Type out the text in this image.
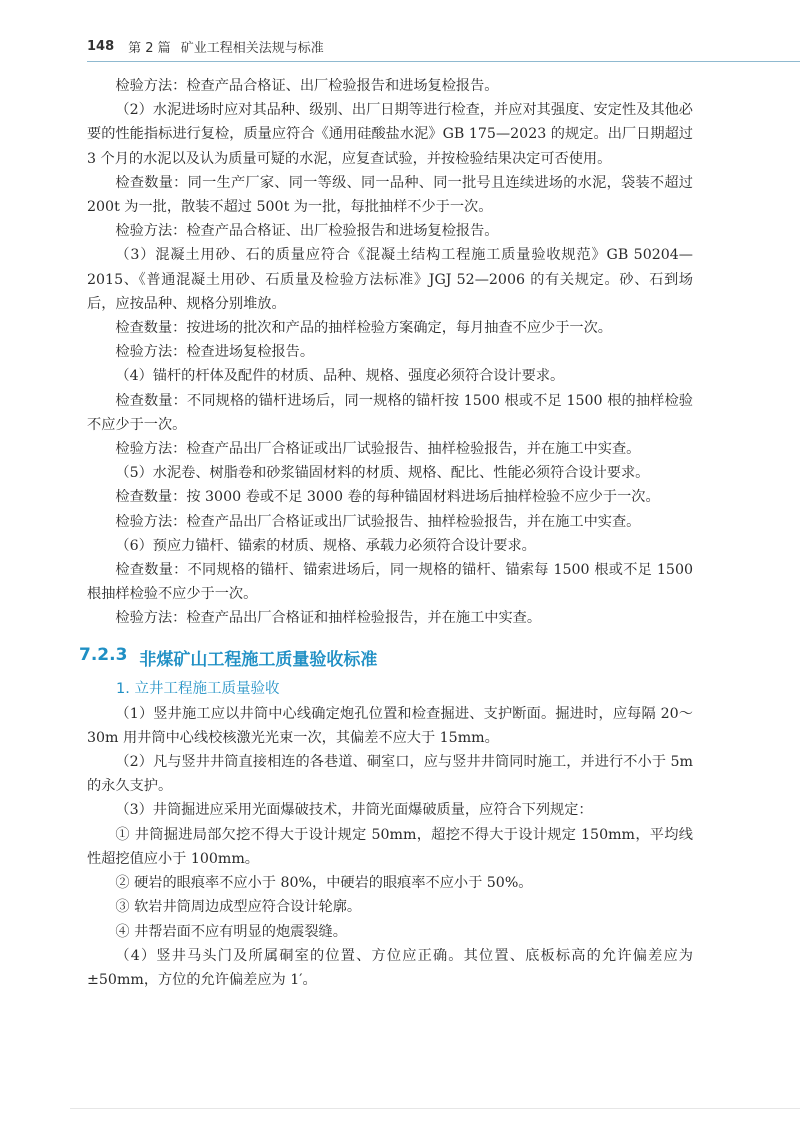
148 第 2 篇 矿业工程相关法规与标准

检验方法：检查产品合格证、出厂检验报告和进场复检报告。

（2）水泥进场时应对其品种、级别、出厂日期等进行检查，并应对其强度、安定性及其他必要的性能指标进行复检，质量应符合《通用硅酸盐水泥》GB 175—2023 的规定。出厂日期超过 3 个月的水泥以及认为质量可疑的水泥，应复查试验，并按检验结果决定可否使用。

检查数量：同一生产厂家、同一等级、同一品种、同一批号且连续进场的水泥，袋装不超过 200t 为一批，散装不超过 500t 为一批，每批抽样不少于一次。

检验方法：检查产品合格证、出厂检验报告和进场复检报告。

（3）混凝土用砂、石的质量应符合《混凝土结构工程施工质量验收规范》GB 50204—2015、《普通混凝土用砂、石质量及检验方法标准》JGJ 52—2006 的有关规定。砂、石到场后，应按品种、规格分别堆放。

检查数量：按进场的批次和产品的抽样检验方案确定，每月抽查不应少于一次。

检验方法：检查进场复检报告。

（4）锚杆的杆体及配件的材质、品种、规格、强度必须符合设计要求。

检查数量：不同规格的锚杆进场后，同一规格的锚杆按 1500 根或不足 1500 根的抽样检验不应少于一次。

检验方法：检查产品出厂合格证或出厂试验报告、抽样检验报告，并在施工中实查。

（5）水泥卷、树脂卷和砂浆锚固材料的材质、规格、配比、性能必须符合设计要求。

检查数量：按 3000 卷或不足 3000 卷的每种锚固材料进场后抽样检验不应少于一次。

检验方法：检查产品出厂合格证或出厂试验报告、抽样检验报告，并在施工中实查。

（6）预应力锚杆、锚索的材质、规格、承载力必须符合设计要求。

检查数量：不同规格的锚杆、锚索进场后，同一规格的锚杆、锚索每 1500 根或不足 1500 根抽样检验不应少于一次。

检验方法：检查产品出厂合格证和抽样检验报告，并在施工中实查。

7.2.3 非煤矿山工程施工质量验收标准
1. 立井工程施工质量验收

（1）竖井施工应以井筒中心线确定炮孔位置和检查掘进、支护断面。掘进时，应每隔 20～30m 用井筒中心线校核激光光束一次，其偏差不应大于 15mm。

（2）凡与竖井井筒直接相连的各巷道、硐室口，应与竖井井筒同时施工，并进行不小于 5m 的永久支护。

（3）井筒掘进应采用光面爆破技术，井筒光面爆破质量，应符合下列规定：

① 井筒掘进局部欠挖不得大于设计规定 50mm，超挖不得大于设计规定 150mm，平均线性超挖值应小于 100mm。

② 硬岩的眼痕率不应小于 80%，中硬岩的眼痕率不应小于 50%。

③ 软岩井筒周边成型应符合设计轮廓。

④ 井帮岩面不应有明显的炮震裂缝。

（4）竖井马头门及所属硐室的位置、方位应正确。其位置、底板标高的允许偏差应为 ±50mm，方位的允许偏差应为 1′。
